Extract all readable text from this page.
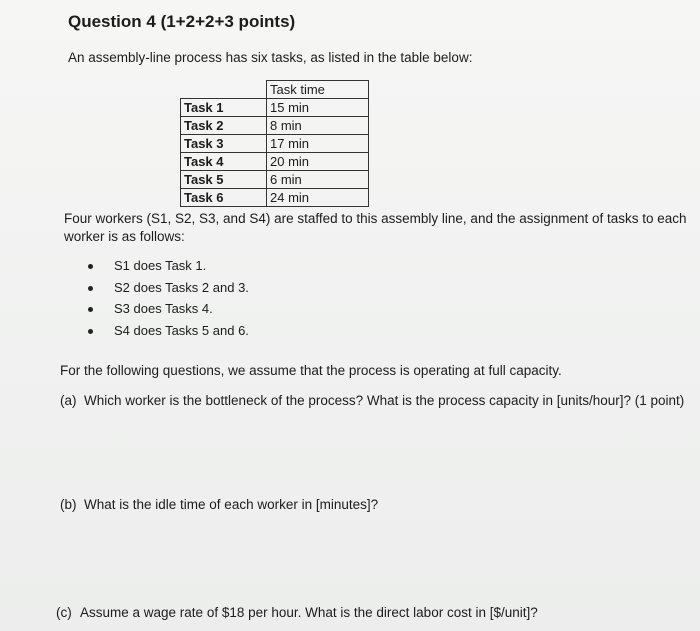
Question 4 (1+2+2+3 points)
An assembly-line process has six tasks, as listed in the table below:
	Task time
Task 1	15 min
Task 2	8 min
Task 3	17 min
Task 4	20 min
Task 5	6 min
Task 6	24 min
Four workers (S1, S2, S3, and S4) are staffed to this assembly line, and the assignment of tasks to each worker is as follows:
S1 does Task 1.
S2 does Tasks 2 and 3.
S3 does Tasks 4.
S4 does Tasks 5 and 6.
For the following questions, we assume that the process is operating at full capacity.
(a) Which worker is the bottleneck of the process? What is the process capacity in [units/hour]? (1 point)
(b) What is the idle time of each worker in [minutes]?
(c) Assume a wage rate of $18 per hour. What is the direct labor cost in [$/unit]?
